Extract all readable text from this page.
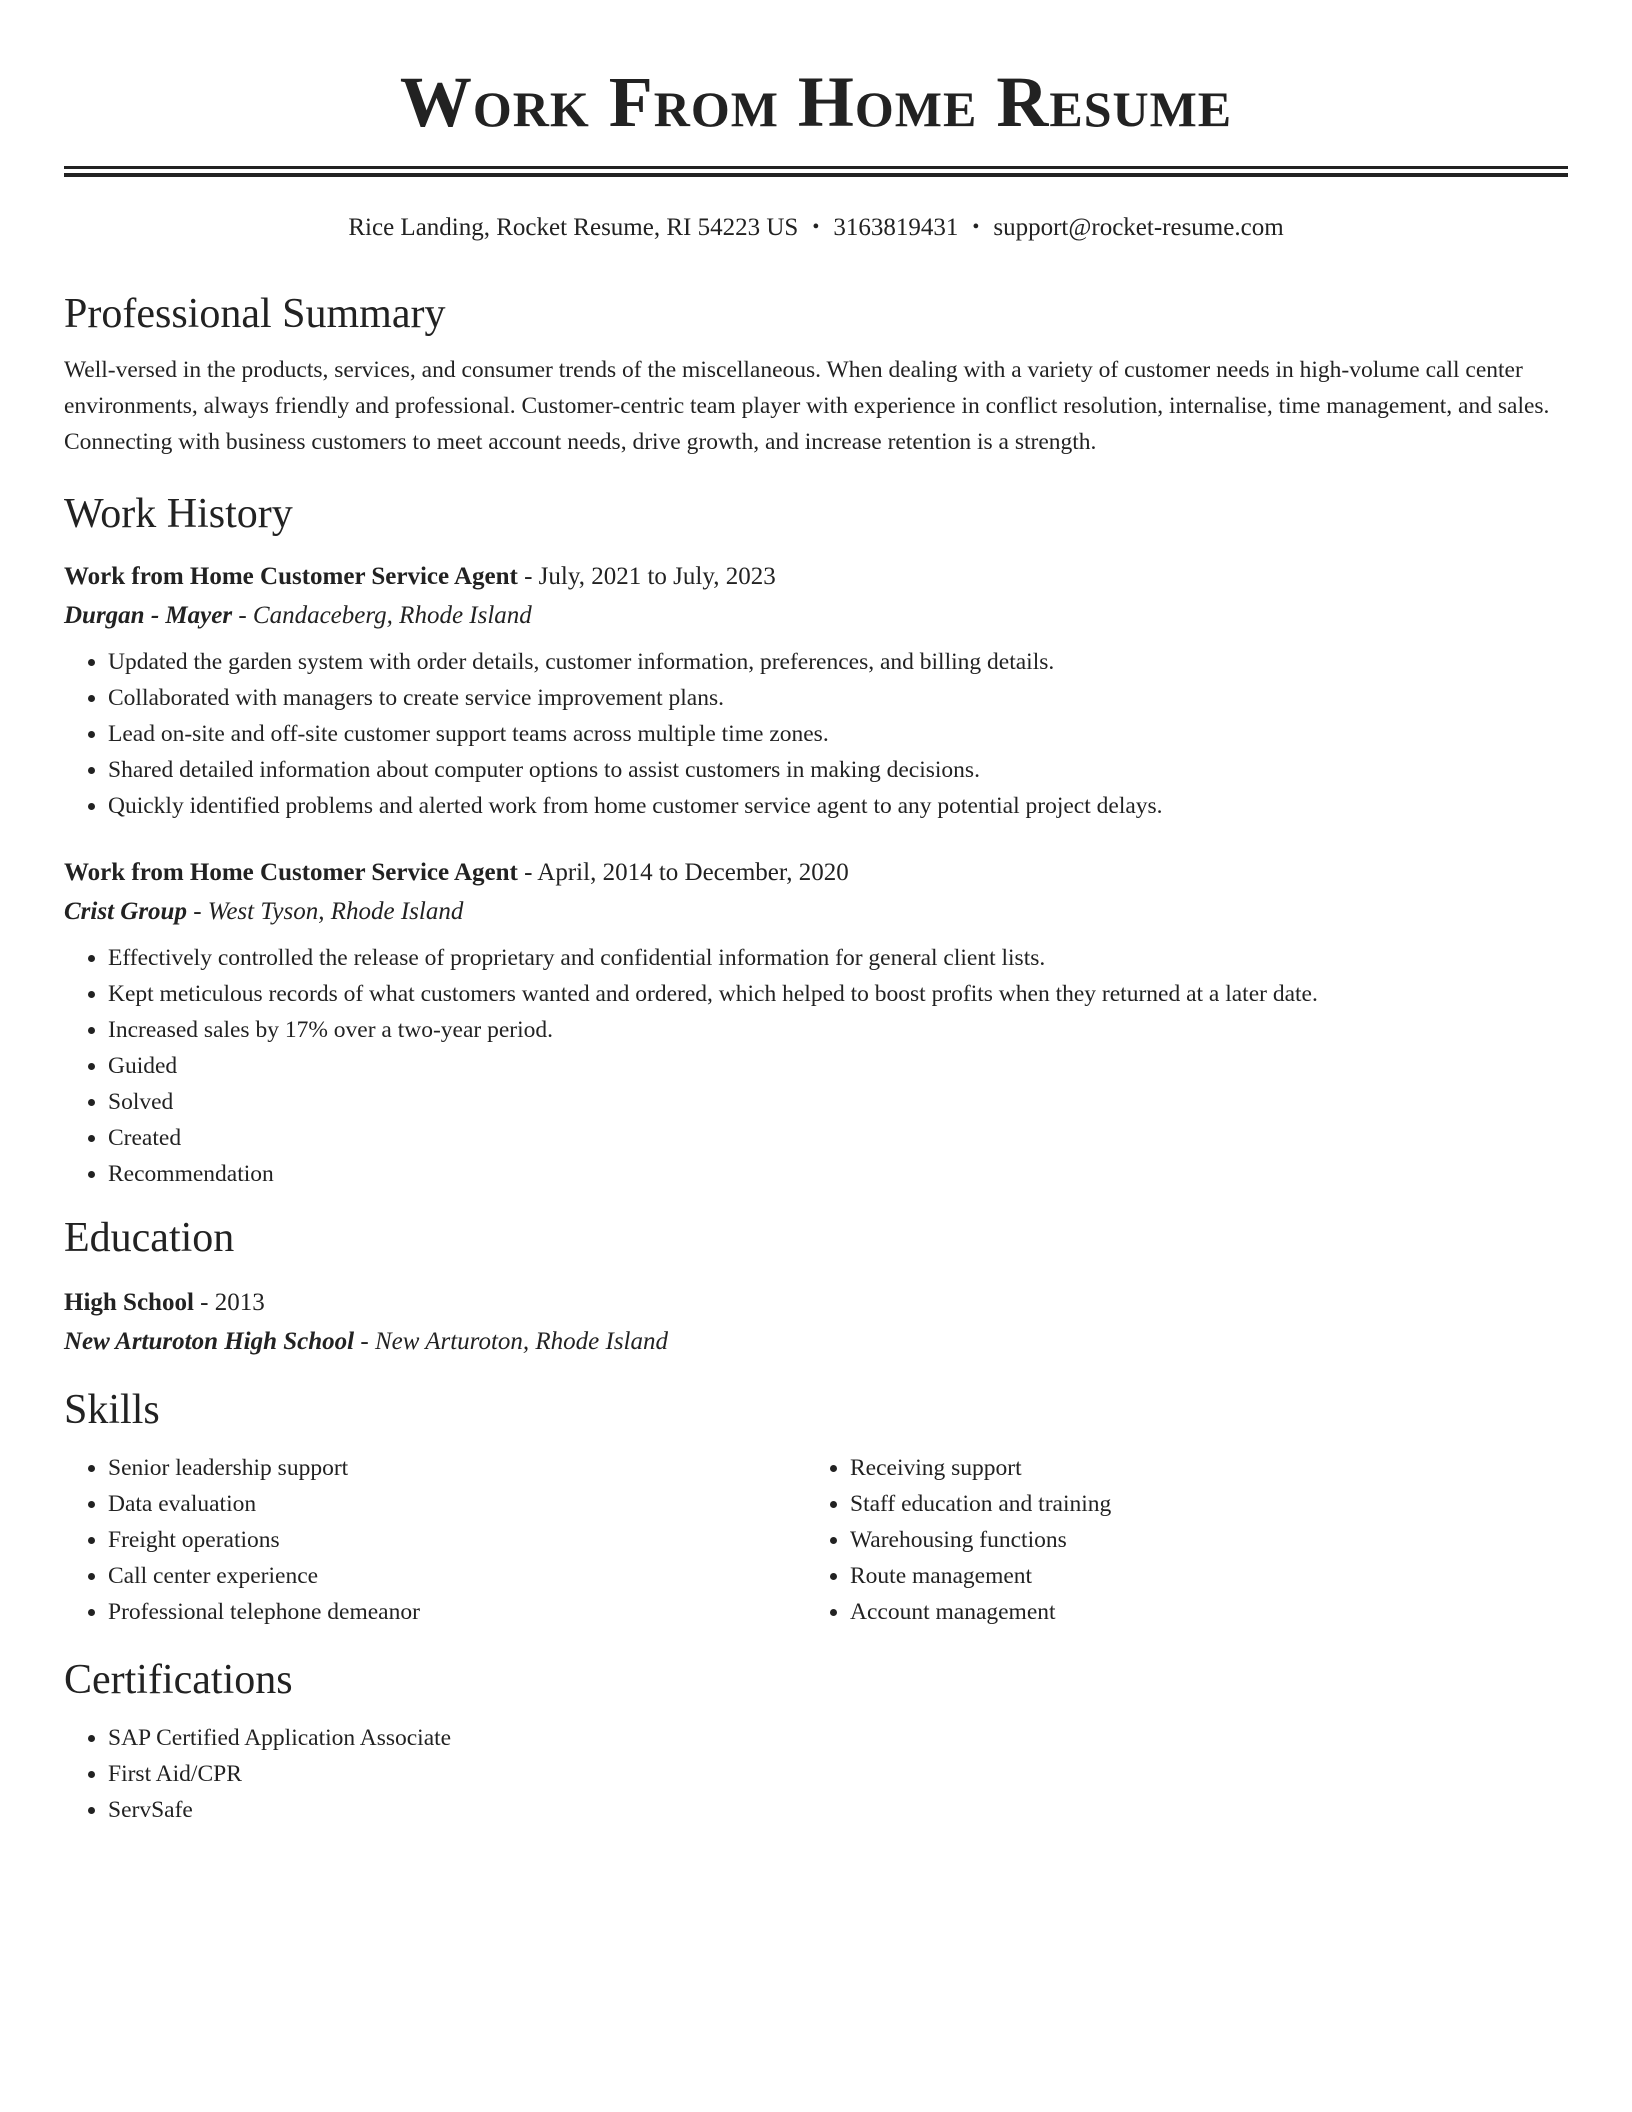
Work From Home Resume
Rice Landing, Rocket Resume, RI 54223 US • 3163819431 • support@rocket-resume.com
Professional Summary

Well-versed in the products, services, and consumer trends of the miscellaneous. When dealing with a variety of customer needs in high-volume call center environments, always friendly and professional. Customer-centric team player with experience in conflict resolution, internalise, time management, and sales. Connecting with business customers to meet account needs, drive growth, and increase retention is a strength.

Work History
Work from Home Customer Service Agent - July, 2021 to July, 2023
Durgan - Mayer - Candaceberg, Rhode Island
• Updated the garden system with order details, customer information, preferences, and billing details.
• Collaborated with managers to create service improvement plans.
• Lead on-site and off-site customer support teams across multiple time zones.
• Shared detailed information about computer options to assist customers in making decisions.
• Quickly identified problems and alerted work from home customer service agent to any potential project delays.
Work from Home Customer Service Agent - April, 2014 to December, 2020
Crist Group - West Tyson, Rhode Island
• Effectively controlled the release of proprietary and confidential information for general client lists.
• Kept meticulous records of what customers wanted and ordered, which helped to boost profits when they returned at a later date.
• Increased sales by 17% over a two-year period.
• Guided
• Solved
• Created
• Recommendation
Education
High School - 2013
New Arturoton High School - New Arturoton, Rhode Island
Skills
• Senior leadership support
• Data evaluation
• Freight operations
• Call center experience
• Professional telephone demeanor
• Receiving support
• Staff education and training
• Warehousing functions
• Route management
• Account management
Certifications
• SAP Certified Application Associate
• First Aid/CPR
• ServSafe
